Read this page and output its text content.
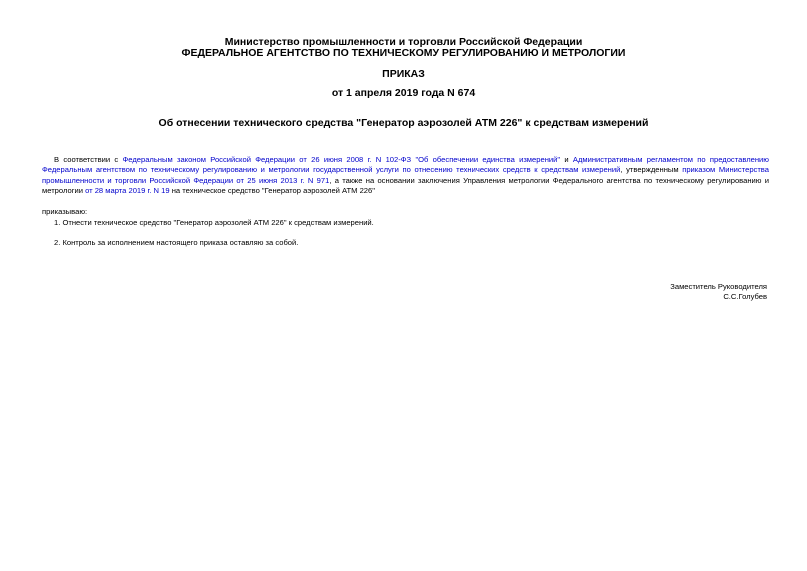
Министерство промышленности и торговли Российской Федерации
ФЕДЕРАЛЬНОЕ АГЕНТСТВО ПО ТЕХНИЧЕСКОМУ РЕГУЛИРОВАНИЮ И МЕТРОЛОГИИ
ПРИКАЗ
от 1 апреля 2019 года N 674
Об отнесении технического средства "Генератор аэрозолей АТМ 226" к средствам измерений
В соответствии с Федеральным законом Российской Федерации от 26 июня 2008 г. N 102-ФЗ "Об обеспечении единства измерений" и Административным регламентом по предоставлению Федеральным агентством по техническому регулированию и метрологии государственной услуги по отнесению технических средств к средствам измерений, утвержденным приказом Министерства промышленности и торговли Российской Федерации от 25 июня 2013 г. N 971, а также на основании заключения Управления метрологии Федерального агентства по техническому регулированию и метрологии от 28 марта 2019 г. N 19 на техническое средство "Генератор аэрозолей АТМ 226"
приказываю:
1. Отнести техническое средство "Генератор аэрозолей АТМ 226" к средствам измерений.
2. Контроль за исполнением настоящего приказа оставляю за собой.
Заместитель Руководителя
С.С.Голубев
